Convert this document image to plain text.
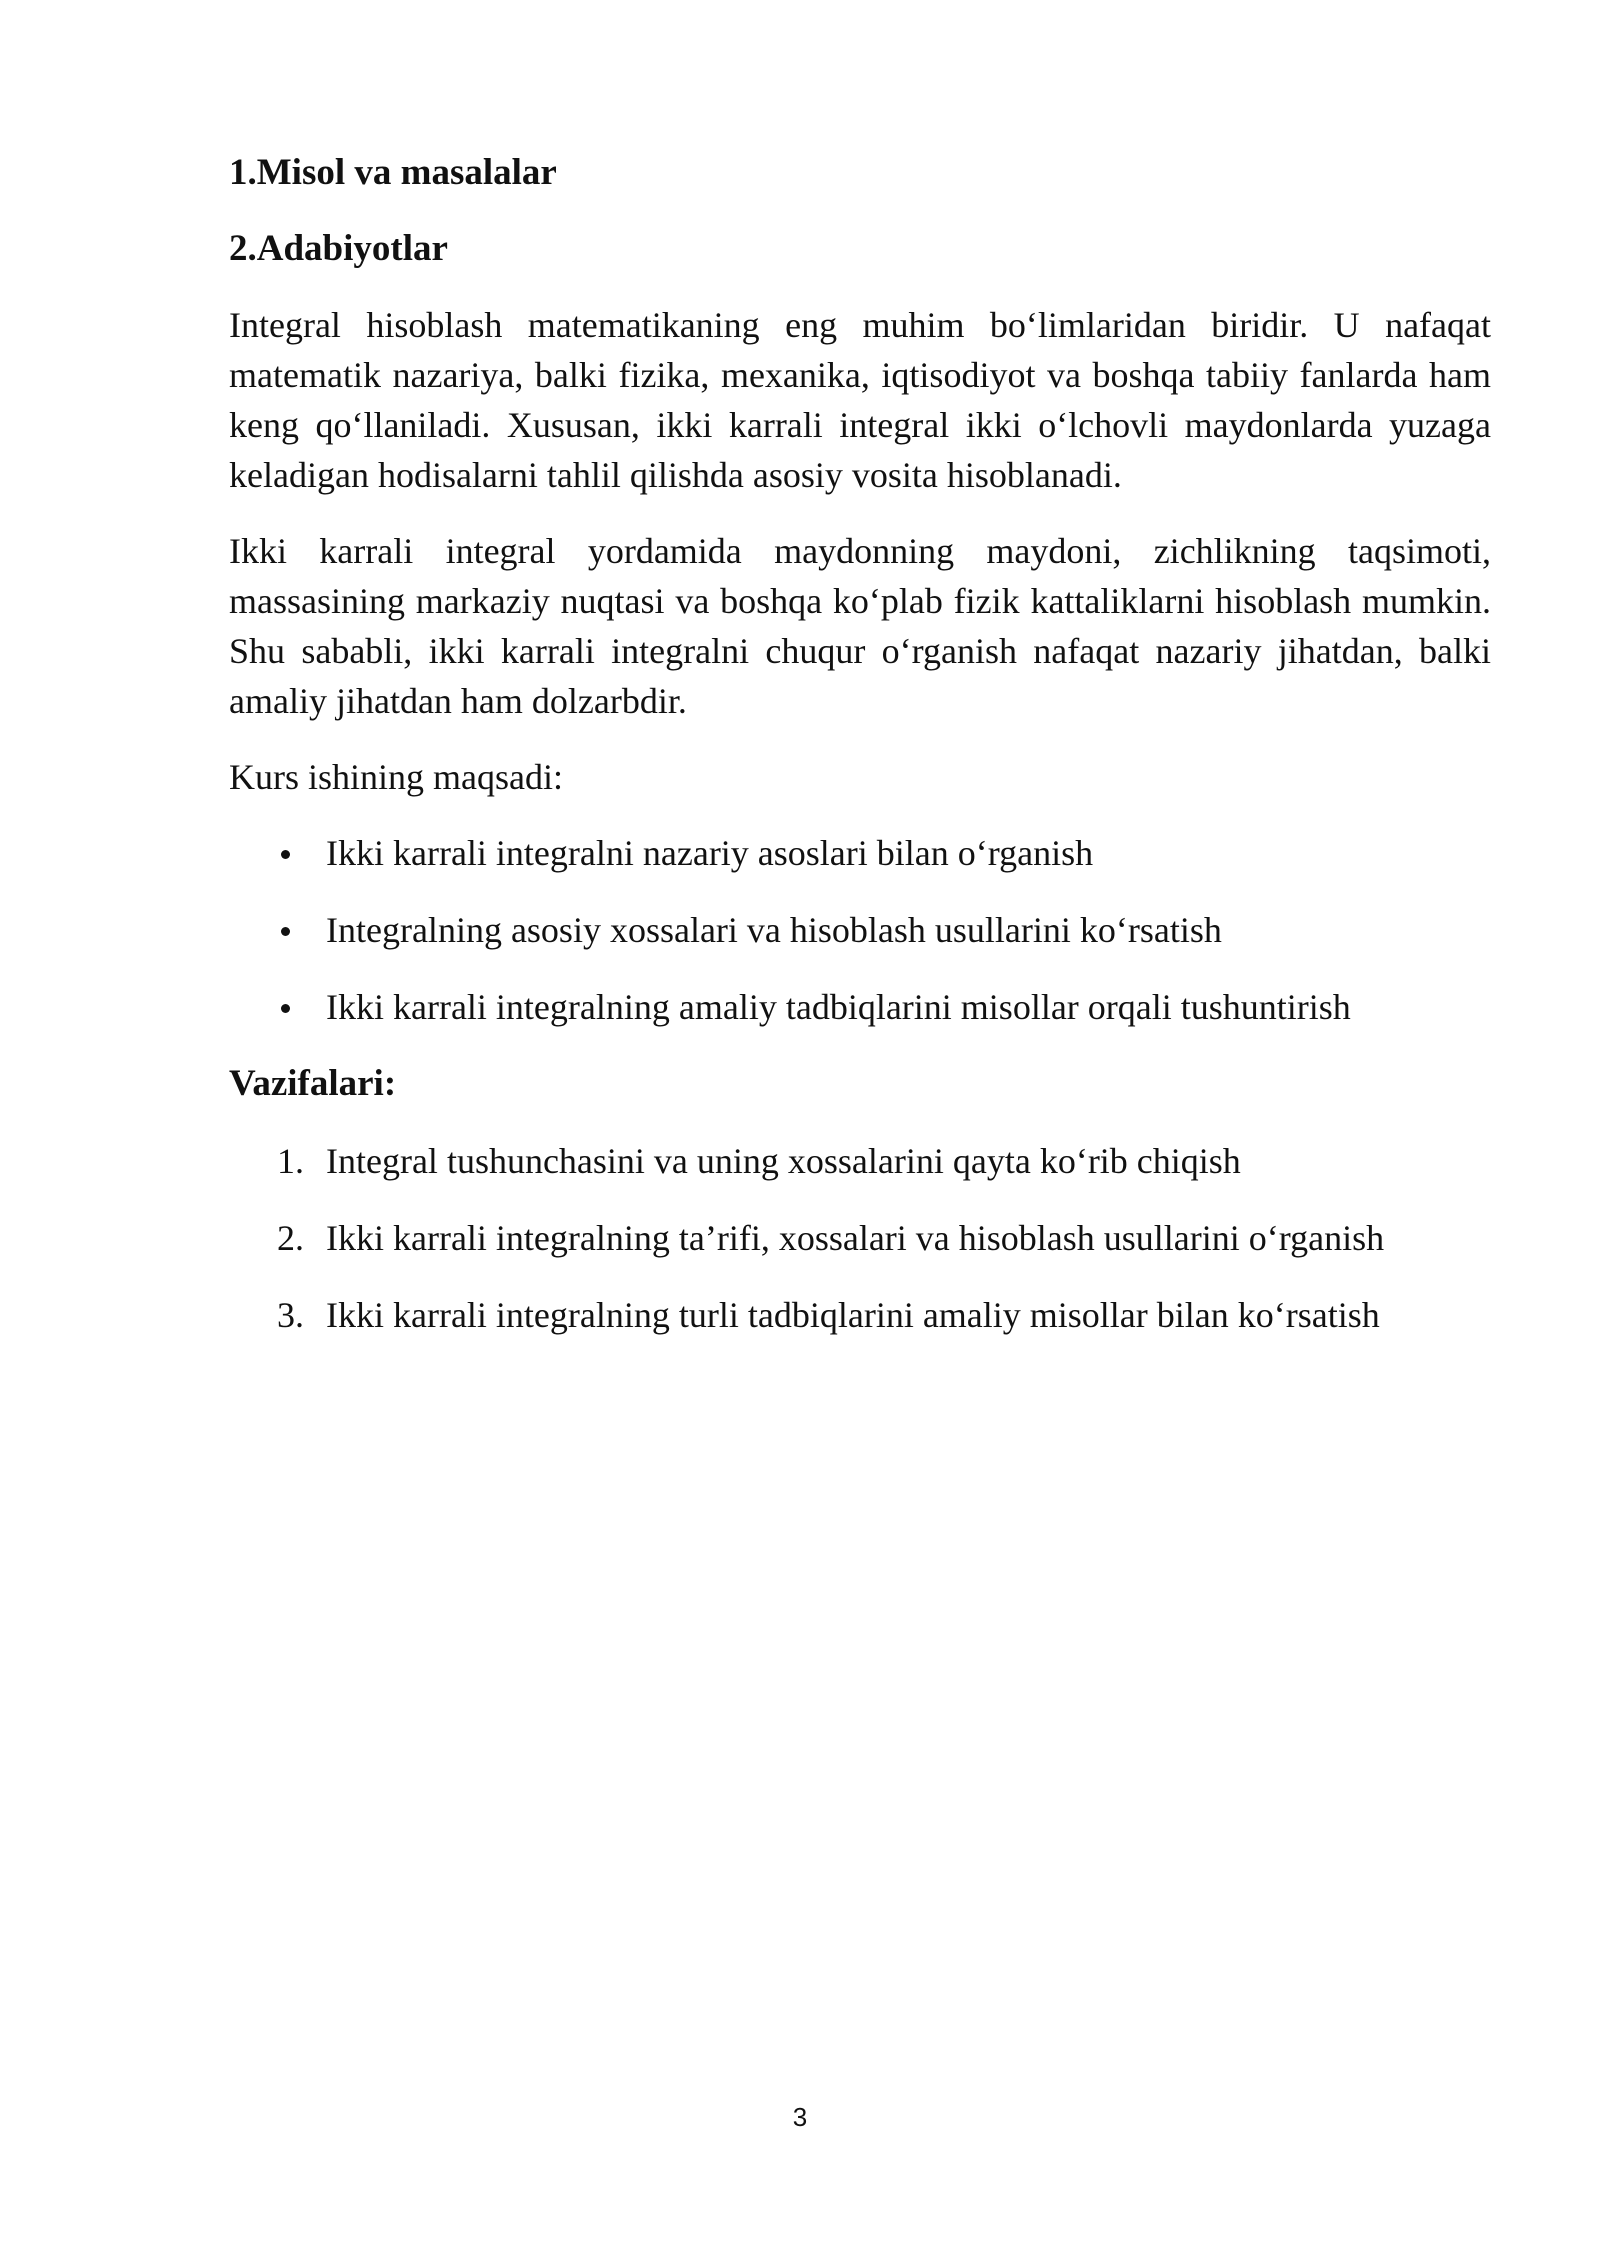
1.Misol va masalalar

2.Adabiyotlar

Integral hisoblash matematikaning eng muhim bo‘limlaridan biridir. U nafaqat matematik nazariya, balki fizika, mexanika, iqtisodiyot va boshqa tabiiy fanlarda ham keng qo‘llaniladi. Xususan, ikki karrali integral ikki o‘lchovli maydonlarda yuzaga keladigan hodisalarni tahlil qilishda asosiy vosita hisoblanadi.

Ikki karrali integral yordamida maydonning maydoni, zichlikning taqsimoti, massasining markaziy nuqtasi va boshqa ko‘plab fizik kattaliklarni hisoblash mumkin. Shu sababli, ikki karrali integralni chuqur o‘rganish nafaqat nazariy jihatdan, balki amaliy jihatdan ham dolzarbdir.

Kurs ishining maqsadi:

Ikki karrali integralni nazariy asoslari bilan o‘rganish
Integralning asosiy xossalari va hisoblash usullarini ko‘rsatish
Ikki karrali integralning amaliy tadbiqlarini misollar orqali tushuntirish

Vazifalari:

1. Integral tushunchasini va uning xossalarini qayta ko‘rib chiqish
2. Ikki karrali integralning ta’rifi, xossalari va hisoblash usullarini o‘rganish
3. Ikki karrali integralning turli tadbiqlarini amaliy misollar bilan ko‘rsatish
3
